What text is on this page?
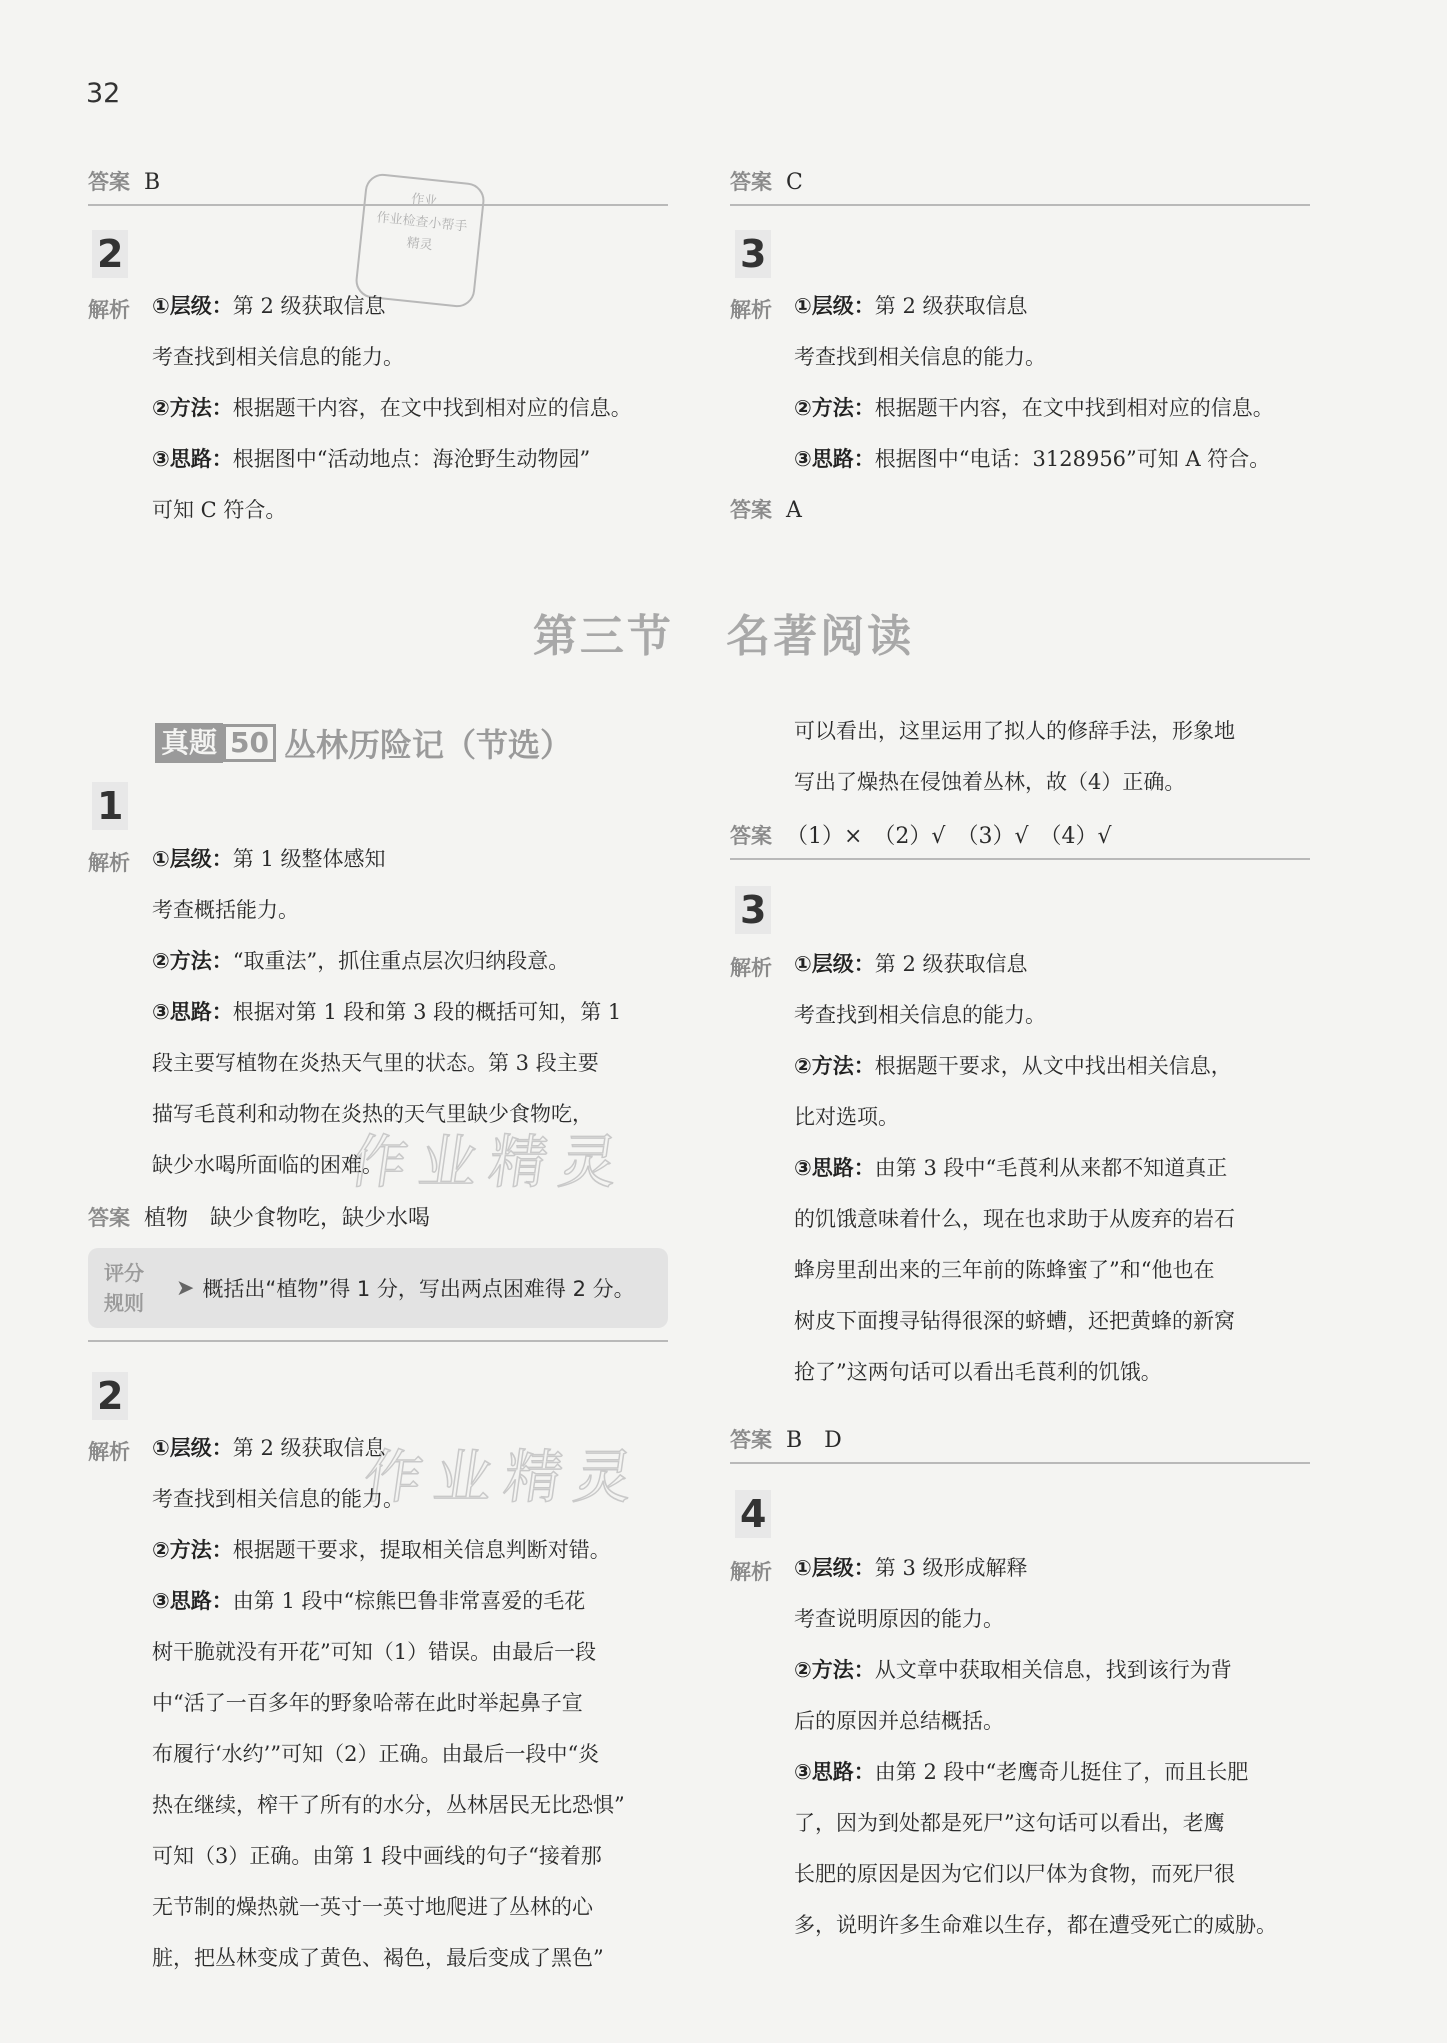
32
作业
作业检查小帮手
精灵
作业精灵
作业精灵
答案 B
2
解析 ①层级：第 2 级获取信息
考查找到相关信息的能力。
②方法：根据题干内容，在文中找到相对应的信息。
③思路：根据图中“活动地点：海沧野生动物园”
可知 C 符合。
答案 C
3
解析 ①层级：第 2 级获取信息
考查找到相关信息的能力。
②方法：根据题干内容，在文中找到相对应的信息。
③思路：根据图中“电话：3128956”可知 A 符合。
答案 A
第三节 名著阅读
真题 50 丛林历险记（节选）
1
解析 ①层级：第 1 级整体感知
考查概括能力。
②方法：“取重法”，抓住重点层次归纳段意。
③思路：根据对第 1 段和第 3 段的概括可知，第 1
段主要写植物在炎热天气里的状态。第 3 段主要
描写毛莨利和动物在炎热的天气里缺少食物吃，
缺少水喝所面临的困难。
答案 植物　缺少食物吃，缺少水喝
评分
规则
➤ 概括出“植物”得 1 分，写出两点困难得 2 分。
2
解析 ①层级：第 2 级获取信息
考查找到相关信息的能力。
②方法：根据题干要求，提取相关信息判断对错。
③思路：由第 1 段中“棕熊巴鲁非常喜爱的毛花
树干脆就没有开花”可知（1）错误。由最后一段
中“活了一百多年的野象哈蒂在此时举起鼻子宣
布履行‘水约’”可知（2）正确。由最后一段中“炎
热在继续，榨干了所有的水分，丛林居民无比恐惧”
可知（3）正确。由第 1 段中画线的句子“接着那
无节制的燥热就一英寸一英寸地爬进了丛林的心
脏，把丛林变成了黄色、褐色，最后变成了黑色”
可以看出，这里运用了拟人的修辞手法，形象地
写出了燥热在侵蚀着丛林，故（4）正确。
答案 （1）×　（2）√　（3）√　（4）√
3
解析 ①层级：第 2 级获取信息
考查找到相关信息的能力。
②方法：根据题干要求，从文中找出相关信息，
比对选项。
③思路：由第 3 段中“毛莨利从来都不知道真正
的饥饿意味着什么，现在也求助于从废弃的岩石
蜂房里刮出来的三年前的陈蜂蜜了”和“他也在
树皮下面搜寻钻得很深的蛴螬，还把黄蜂的新窝
抢了”这两句话可以看出毛莨利的饥饿。
答案 B　D
4
解析 ①层级：第 3 级形成解释
考查说明原因的能力。
②方法：从文章中获取相关信息，找到该行为背
后的原因并总结概括。
③思路：由第 2 段中“老鹰奇儿挺住了，而且长肥
了，因为到处都是死尸”这句话可以看出，老鹰
长肥的原因是因为它们以尸体为食物，而死尸很
多，说明许多生命难以生存，都在遭受死亡的威胁。
